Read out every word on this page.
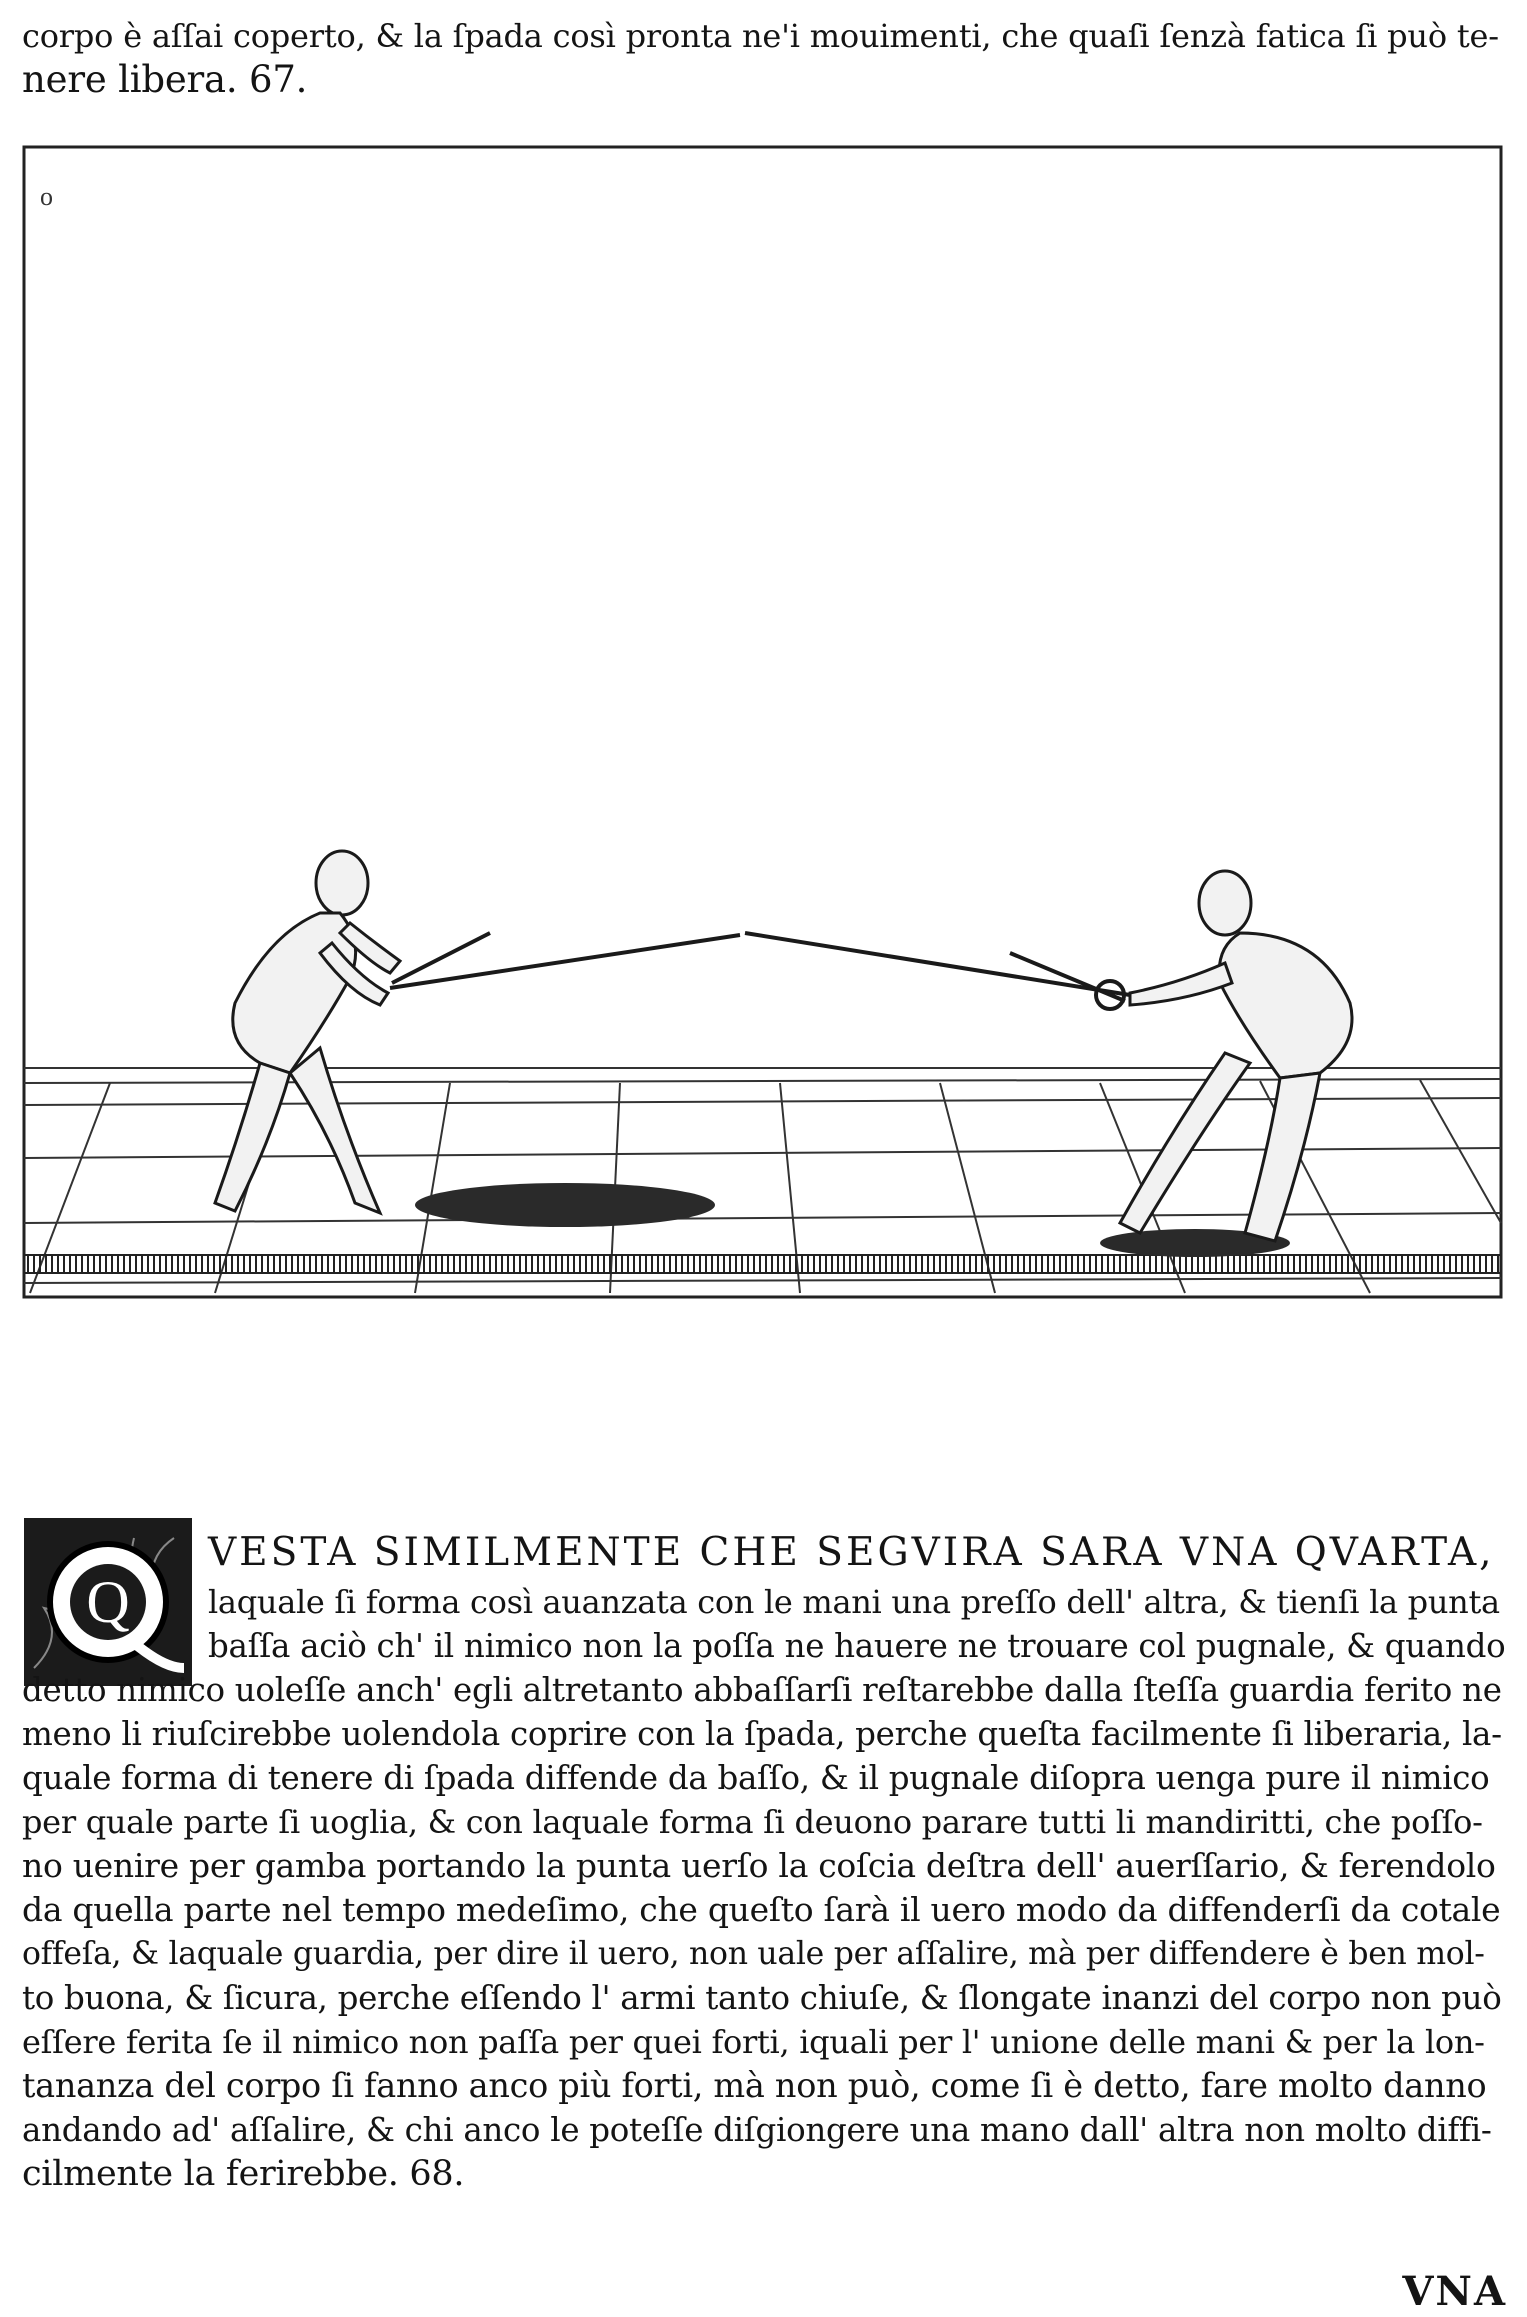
corpo è aſſai coperto, & la ſpada così pronta ne'i mouimenti, che quaſi ſenzà fatica ſi può te-
nere libera. 67.
o
Q
VESTA SIMILMENTE CHE SEGVIRA SARA VNA QVARTA,
laquale ſi forma così auanzata con le mani una preſſo dell' altra, & tienſi la punta
baſſa aciò ch' il nimico non la poſſa ne hauere ne trouare col pugnale, & quando
detto nimico uoleſſe anch' egli altretanto abbaſſarſi reſtarebbe dalla ſteſſa guardia ferito ne
meno li riuſcirebbe uolendola coprire con la ſpada, perche queſta facilmente ſi liberaria, la-
quale forma di tenere di ſpada diffende da baſſo, & il pugnale diſopra uenga pure il nimico
per quale parte ſi uoglia, & con laquale forma ſi deuono parare tutti li mandiritti, che poſſo-
no uenire per gamba portando la punta uerſo la coſcia deſtra dell' auerſſario, & ferendolo
da quella parte nel tempo medeſimo, che queſto ſarà il uero modo da diffenderſi da cotale
offeſa, & laquale guardia, per dire il uero, non uale per aſſalire, mà per diffendere è ben mol-
to buona, & ſicura, perche eſſendo l' armi tanto chiuſe, & ſlongate inanzi del corpo non può
eſſere ferita ſe il nimico non paſſa per quei forti, iquali per l' unione delle mani & per la lon-
tananza del corpo ſi fanno anco più forti, mà non può, come ſi è detto, fare molto danno
andando ad' aſſalire, & chi anco le poteſſe diſgiongere una mano dall' altra non molto diffi-
cilmente la ferirebbe. 68.
VNA
